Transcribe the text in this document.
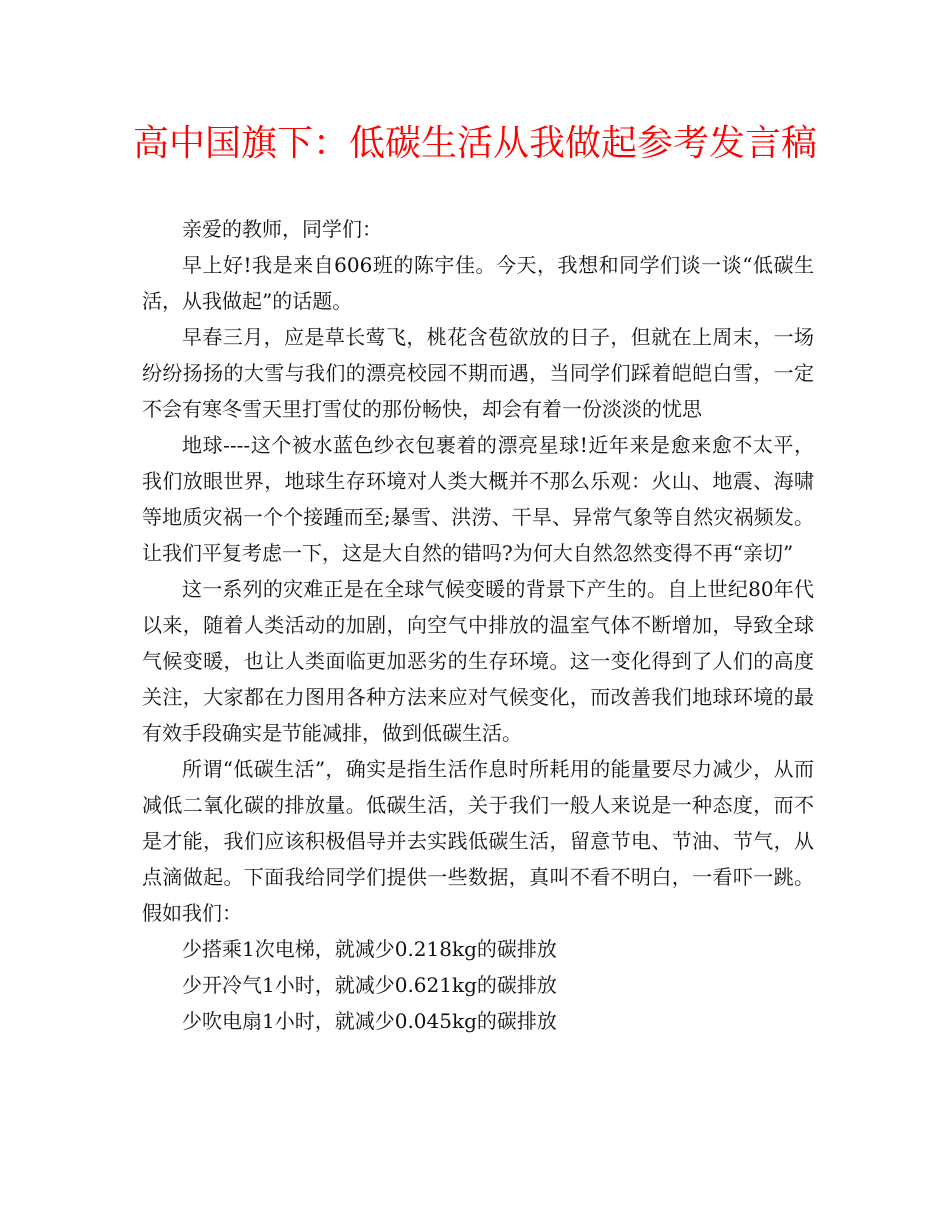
高中国旗下：低碳生活从我做起参考发言稿

亲爱的教师，同学们：

早上好!我是来自606班的陈宇佳。今天，我想和同学们谈一谈“低碳生活，从我做起”的话题。

早春三月，应是草长莺飞，桃花含苞欲放的日子，但就在上周末，一场纷纷扬扬的大雪与我们的漂亮校园不期而遇，当同学们踩着皑皑白雪，一定不会有寒冬雪天里打雪仗的那份畅快，却会有着一份淡淡的忧思

地球----这个被水蓝色纱衣包裹着的漂亮星球!近年来是愈来愈不太平，我们放眼世界，地球生存环境对人类大概并不那么乐观：火山、地震、海啸等地质灾祸一个个接踵而至;暴雪、洪涝、干旱、异常气象等自然灾祸频发。让我们平复考虑一下，这是大自然的错吗?为何大自然忽然变得不再“亲切”

这一系列的灾难正是在全球气候变暖的背景下产生的。自上世纪80年代以来，随着人类活动的加剧，向空气中排放的温室气体不断增加，导致全球气候变暖，也让人类面临更加恶劣的生存环境。这一变化得到了人们的高度关注，大家都在力图用各种方法来应对气候变化，而改善我们地球环境的最有效手段确实是节能减排，做到低碳生活。

所谓“低碳生活”，确实是指生活作息时所耗用的能量要尽力减少，从而减低二氧化碳的排放量。低碳生活，关于我们一般人来说是一种态度，而不是才能，我们应该积极倡导并去实践低碳生活，留意节电、节油、节气，从点滴做起。下面我给同学们提供一些数据，真叫不看不明白，一看吓一跳。假如我们：

少搭乘1次电梯，就减少0.218kg的碳排放

少开冷气1小时，就减少0.621kg的碳排放

少吹电扇1小时，就减少0.045kg的碳排放
